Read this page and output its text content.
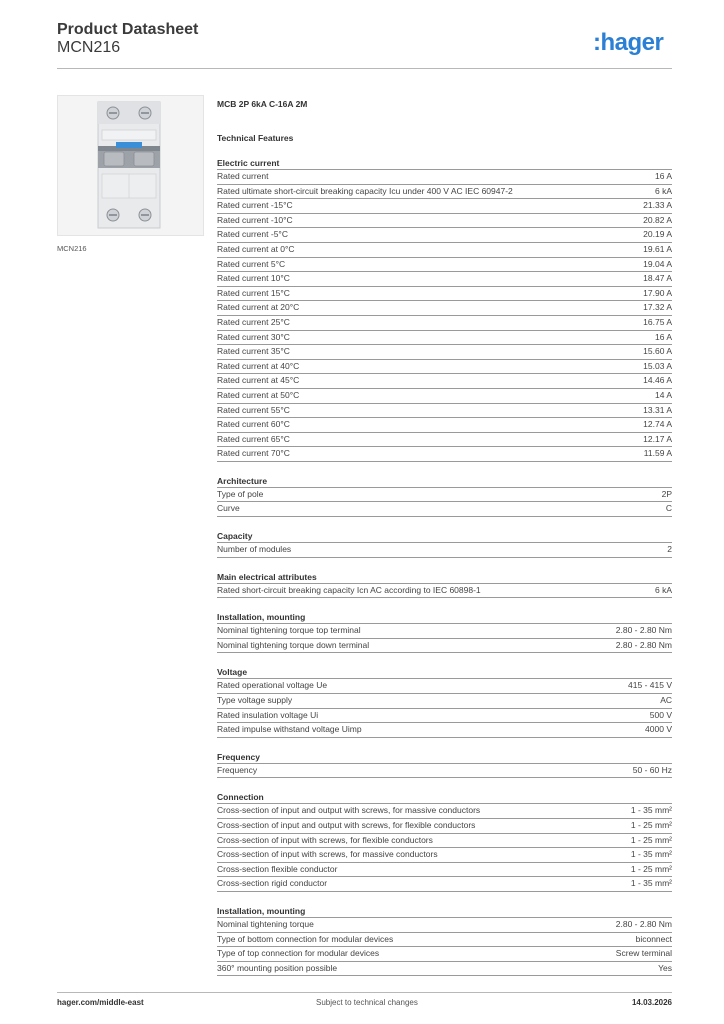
Product Datasheet
MCN216	:hager
MCN216
MCB 2P 6kA C-16A 2M
Technical Features
Electric current
Rated current	16 A
Rated ultimate short-circuit breaking capacity Icu under 400 V AC IEC 60947-2	6 kA
Rated current -15°C	21.33 A
Rated current -10°C	20.82 A
Rated current -5°C	20.19 A
Rated current at 0°C	19.61 A
Rated current 5°C	19.04 A
Rated current 10°C	18.47 A
Rated current 15°C	17.90 A
Rated current at 20°C	17.32 A
Rated current 25°C	16.75 A
Rated current 30°C	16 A
Rated current 35°C	15.60 A
Rated current at 40°C	15.03 A
Rated current at 45°C	14.46 A
Rated current at 50°C	14 A
Rated current 55°C	13.31 A
Rated current 60°C	12.74 A
Rated current 65°C	12.17 A
Rated current 70°C	11.59 A
Architecture
Type of pole	2P
Curve	C
Capacity
Number of modules	2
Main electrical attributes
Rated short-circuit breaking capacity Icn AC according to IEC 60898-1	6 kA
Installation, mounting
Nominal tightening torque top terminal	2.80 - 2.80 Nm
Nominal tightening torque down terminal	2.80 - 2.80 Nm
Voltage
Rated operational voltage Ue	415 - 415 V
Type voltage supply	AC
Rated insulation voltage Ui	500 V
Rated impulse withstand voltage Uimp	4000 V
Frequency
Frequency	50 - 60 Hz
Connection
Cross-section of input and output with screws, for massive conductors	1 - 35 mm²
Cross-section of input and output with screws, for flexible conductors	1 - 25 mm²
Cross-section of input with screws, for flexible conductors	1 - 25 mm²
Cross-section of input with screws, for massive conductors	1 - 35 mm²
Cross-section flexible conductor	1 - 25 mm²
Cross-section rigid conductor	1 - 35 mm²
Installation, mounting
Nominal tightening torque	2.80 - 2.80 Nm
Type of bottom connection for modular devices	biconnect
Type of top connection for modular devices	Screw terminal
360° mounting position possible	Yes
hager.com/middle-east	Subject to technical changes	14.03.2026
